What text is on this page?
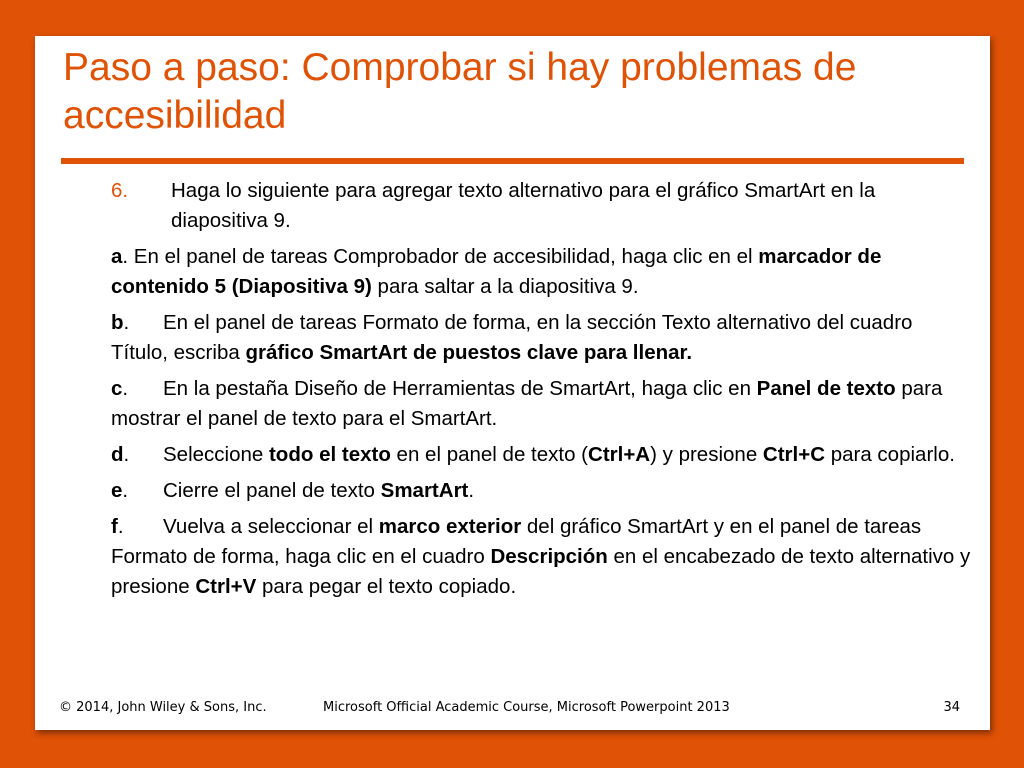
Paso a paso: Comprobar si hay problemas de accesibilidad
6.	Haga lo siguiente para agregar texto alternativo para el gráfico SmartArt en la diapositiva 9.
a. En el panel de tareas Comprobador de accesibilidad, haga clic en el marcador de contenido 5 (Diapositiva 9) para saltar a la diapositiva 9.
b. En el panel de tareas Formato de forma, en la sección Texto alternativo del cuadro Título, escriba gráfico SmartArt de puestos clave para llenar.
c. En la pestaña Diseño de Herramientas de SmartArt, haga clic en Panel de texto para mostrar el panel de texto para el SmartArt.
d. Seleccione todo el texto en el panel de texto (Ctrl+A) y presione Ctrl+C para copiarlo.
e. Cierre el panel de texto SmartArt.
f. Vuelva a seleccionar el marco exterior del gráfico SmartArt y en el panel de tareas Formato de forma, haga clic en el cuadro Descripción en el encabezado de texto alternativo y presione Ctrl+V para pegar el texto copiado.
© 2014, John Wiley & Sons, Inc.	Microsoft Official Academic Course, Microsoft Powerpoint 2013	34
